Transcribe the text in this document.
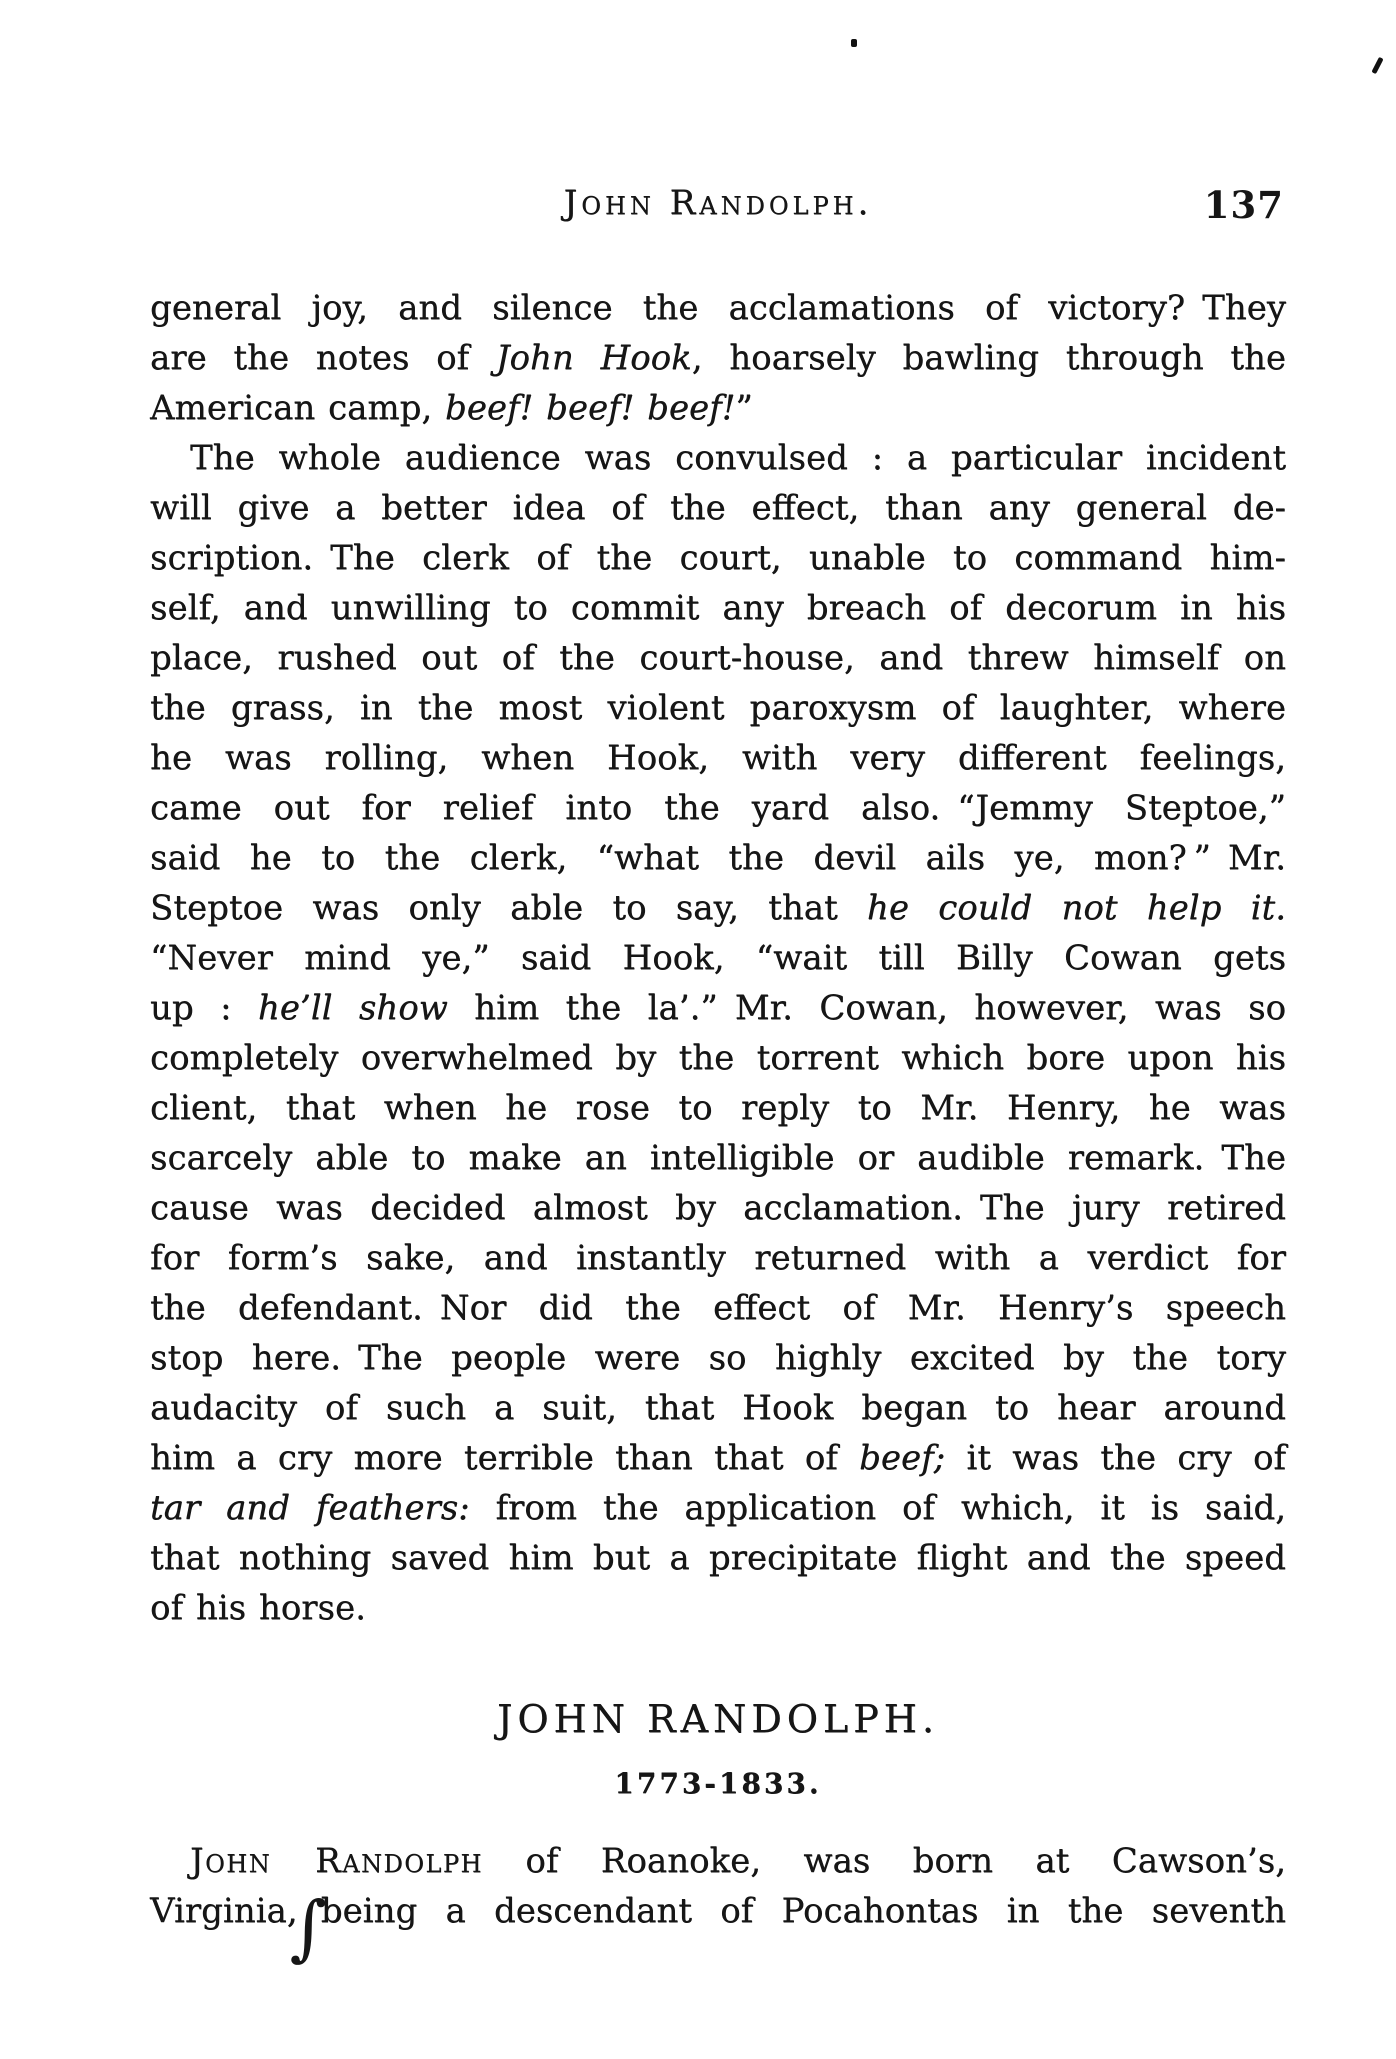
John Randolph.	137
general joy, and silence the acclamations of victory? They
are the notes of John Hook, hoarsely bawling through the
American camp, beef! beef! beef!”
The whole audience was convulsed : a particular incident
will give a better idea of the effect, than any general de-
scription. The clerk of the court, unable to command him-
self, and unwilling to commit any breach of decorum in his
place, rushed out of the court-house, and threw himself on
the grass, in the most violent paroxysm of laughter, where
he was rolling, when Hook, with very different feelings,
came out for relief into the yard also. “Jemmy Steptoe,”
said he to the clerk, “what the devil ails ye, mon? ” Mr.
Steptoe was only able to say, that he could not help it.
“Never mind ye,” said Hook, “wait till Billy Cowan gets
up : he’ll show him the la’.” Mr. Cowan, however, was so
completely overwhelmed by the torrent which bore upon his
client, that when he rose to reply to Mr. Henry, he was
scarcely able to make an intelligible or audible remark. The
cause was decided almost by acclamation. The jury retired
for form’s sake, and instantly returned with a verdict for
the defendant. Nor did the effect of Mr. Henry’s speech
stop here. The people were so highly excited by the tory
audacity of such a suit, that Hook began to hear around
him a cry more terrible than that of beef; it was the cry of
tar and feathers: from the application of which, it is said,
that nothing saved him but a precipitate flight and the speed
of his horse.
JOHN RANDOLPH.
1773-1833.
John Randolph of Roanoke, was born at Cawson’s,
Virginia,∫being a descendant of Pocahontas in the seventh
